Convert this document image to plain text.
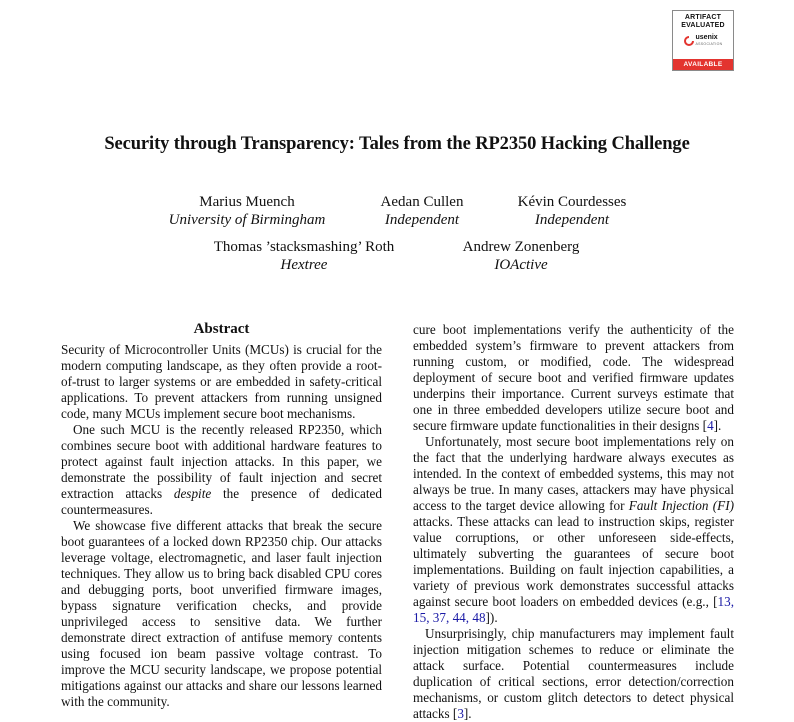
ARTIFACT
EVALUATED
usenix
ASSOCIATION
AVAILABLE
Security through Transparency: Tales from the RP2350 Hacking Challenge
Marius Muench
University of Birmingham
Aedan Cullen
Independent
Kévin Courdesses
Independent
Thomas ’stacksmashing’ Roth
Hextree
Andrew Zonenberg
IOActive
Abstract

Security of Microcontroller Units (MCUs) is crucial for the modern computing landscape, as they often provide a root-of-trust to larger systems or are embedded in safety-critical applications. To prevent attackers from running unsigned code, many MCUs implement secure boot mechanisms.

One such MCU is the recently released RP2350, which combines secure boot with additional hardware features to protect against fault injection attacks. In this paper, we demonstrate the possibility of fault injection and secret extraction attacks despite the presence of dedicated countermeasures.

We showcase five different attacks that break the secure boot guarantees of a locked down RP2350 chip. Our attacks leverage voltage, electromagnetic, and laser fault injection techniques. They allow us to bring back disabled CPU cores and debugging ports, boot unverified firmware images, bypass signature verification checks, and provide unprivileged access to sensitive data. We further demonstrate direct extraction of antifuse memory contents using focused ion beam passive voltage contrast. To improve the MCU security landscape, we propose potential mitigations against our attacks and share our lessons learned with the community.

cure boot implementations verify the authenticity of the embedded system’s firmware to prevent attackers from running custom, or modified, code. The widespread deployment of secure boot and verified firmware updates underpins their importance. Current surveys estimate that one in three embedded developers utilize secure boot and secure firmware update functionalities in their designs [4].

Unfortunately, most secure boot implementations rely on the fact that the underlying hardware always executes as intended. In the context of embedded systems, this may not always be true. In many cases, attackers may have physical access to the target device allowing for Fault Injection (FI) attacks. These attacks can lead to instruction skips, register value corruptions, or other unforeseen side-effects, ultimately subverting the guarantees of secure boot implementations. Building on fault injection capabilities, a variety of previous work demonstrates successful attacks against secure boot loaders on embedded devices (e.g., [13, 15, 37, 44, 48]).

Unsurprisingly, chip manufacturers may implement fault injection mitigation schemes to reduce or eliminate the attack surface. Potential countermeasures include duplication of critical sections, error detection/correction mechanisms, or custom glitch detectors to detect physical attacks [3].
